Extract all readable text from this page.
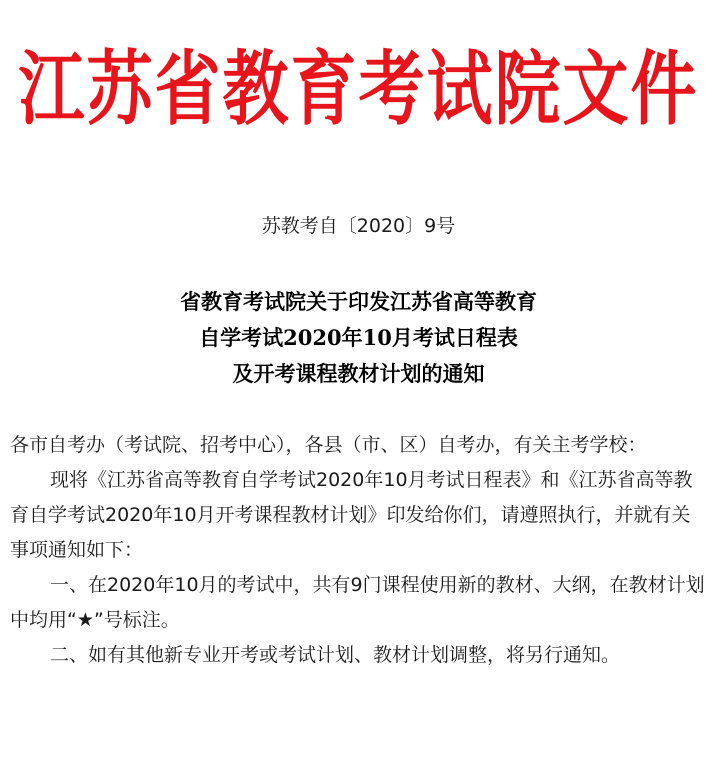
江苏省教育考试院文件
苏教考自〔2020〕9号
省教育考试院关于印发江苏省高等教育
自学考试2020年10月考试日程表
及开考课程教材计划的通知

各市自考办（考试院、招考中心），各县（市、区）自考办，有关主考学校：

现将《江苏省高等教育自学考试2020年10月考试日程表》和《江苏省高等教育自学考试2020年10月开考课程教材计划》印发给你们，请遵照执行，并就有关事项通知如下：

一、在2020年10月的考试中，共有9门课程使用新的教材、大纲，在教材计划中均用“★”号标注。

二、如有其他新专业开考或考试计划、教材计划调整，将另行通知。
